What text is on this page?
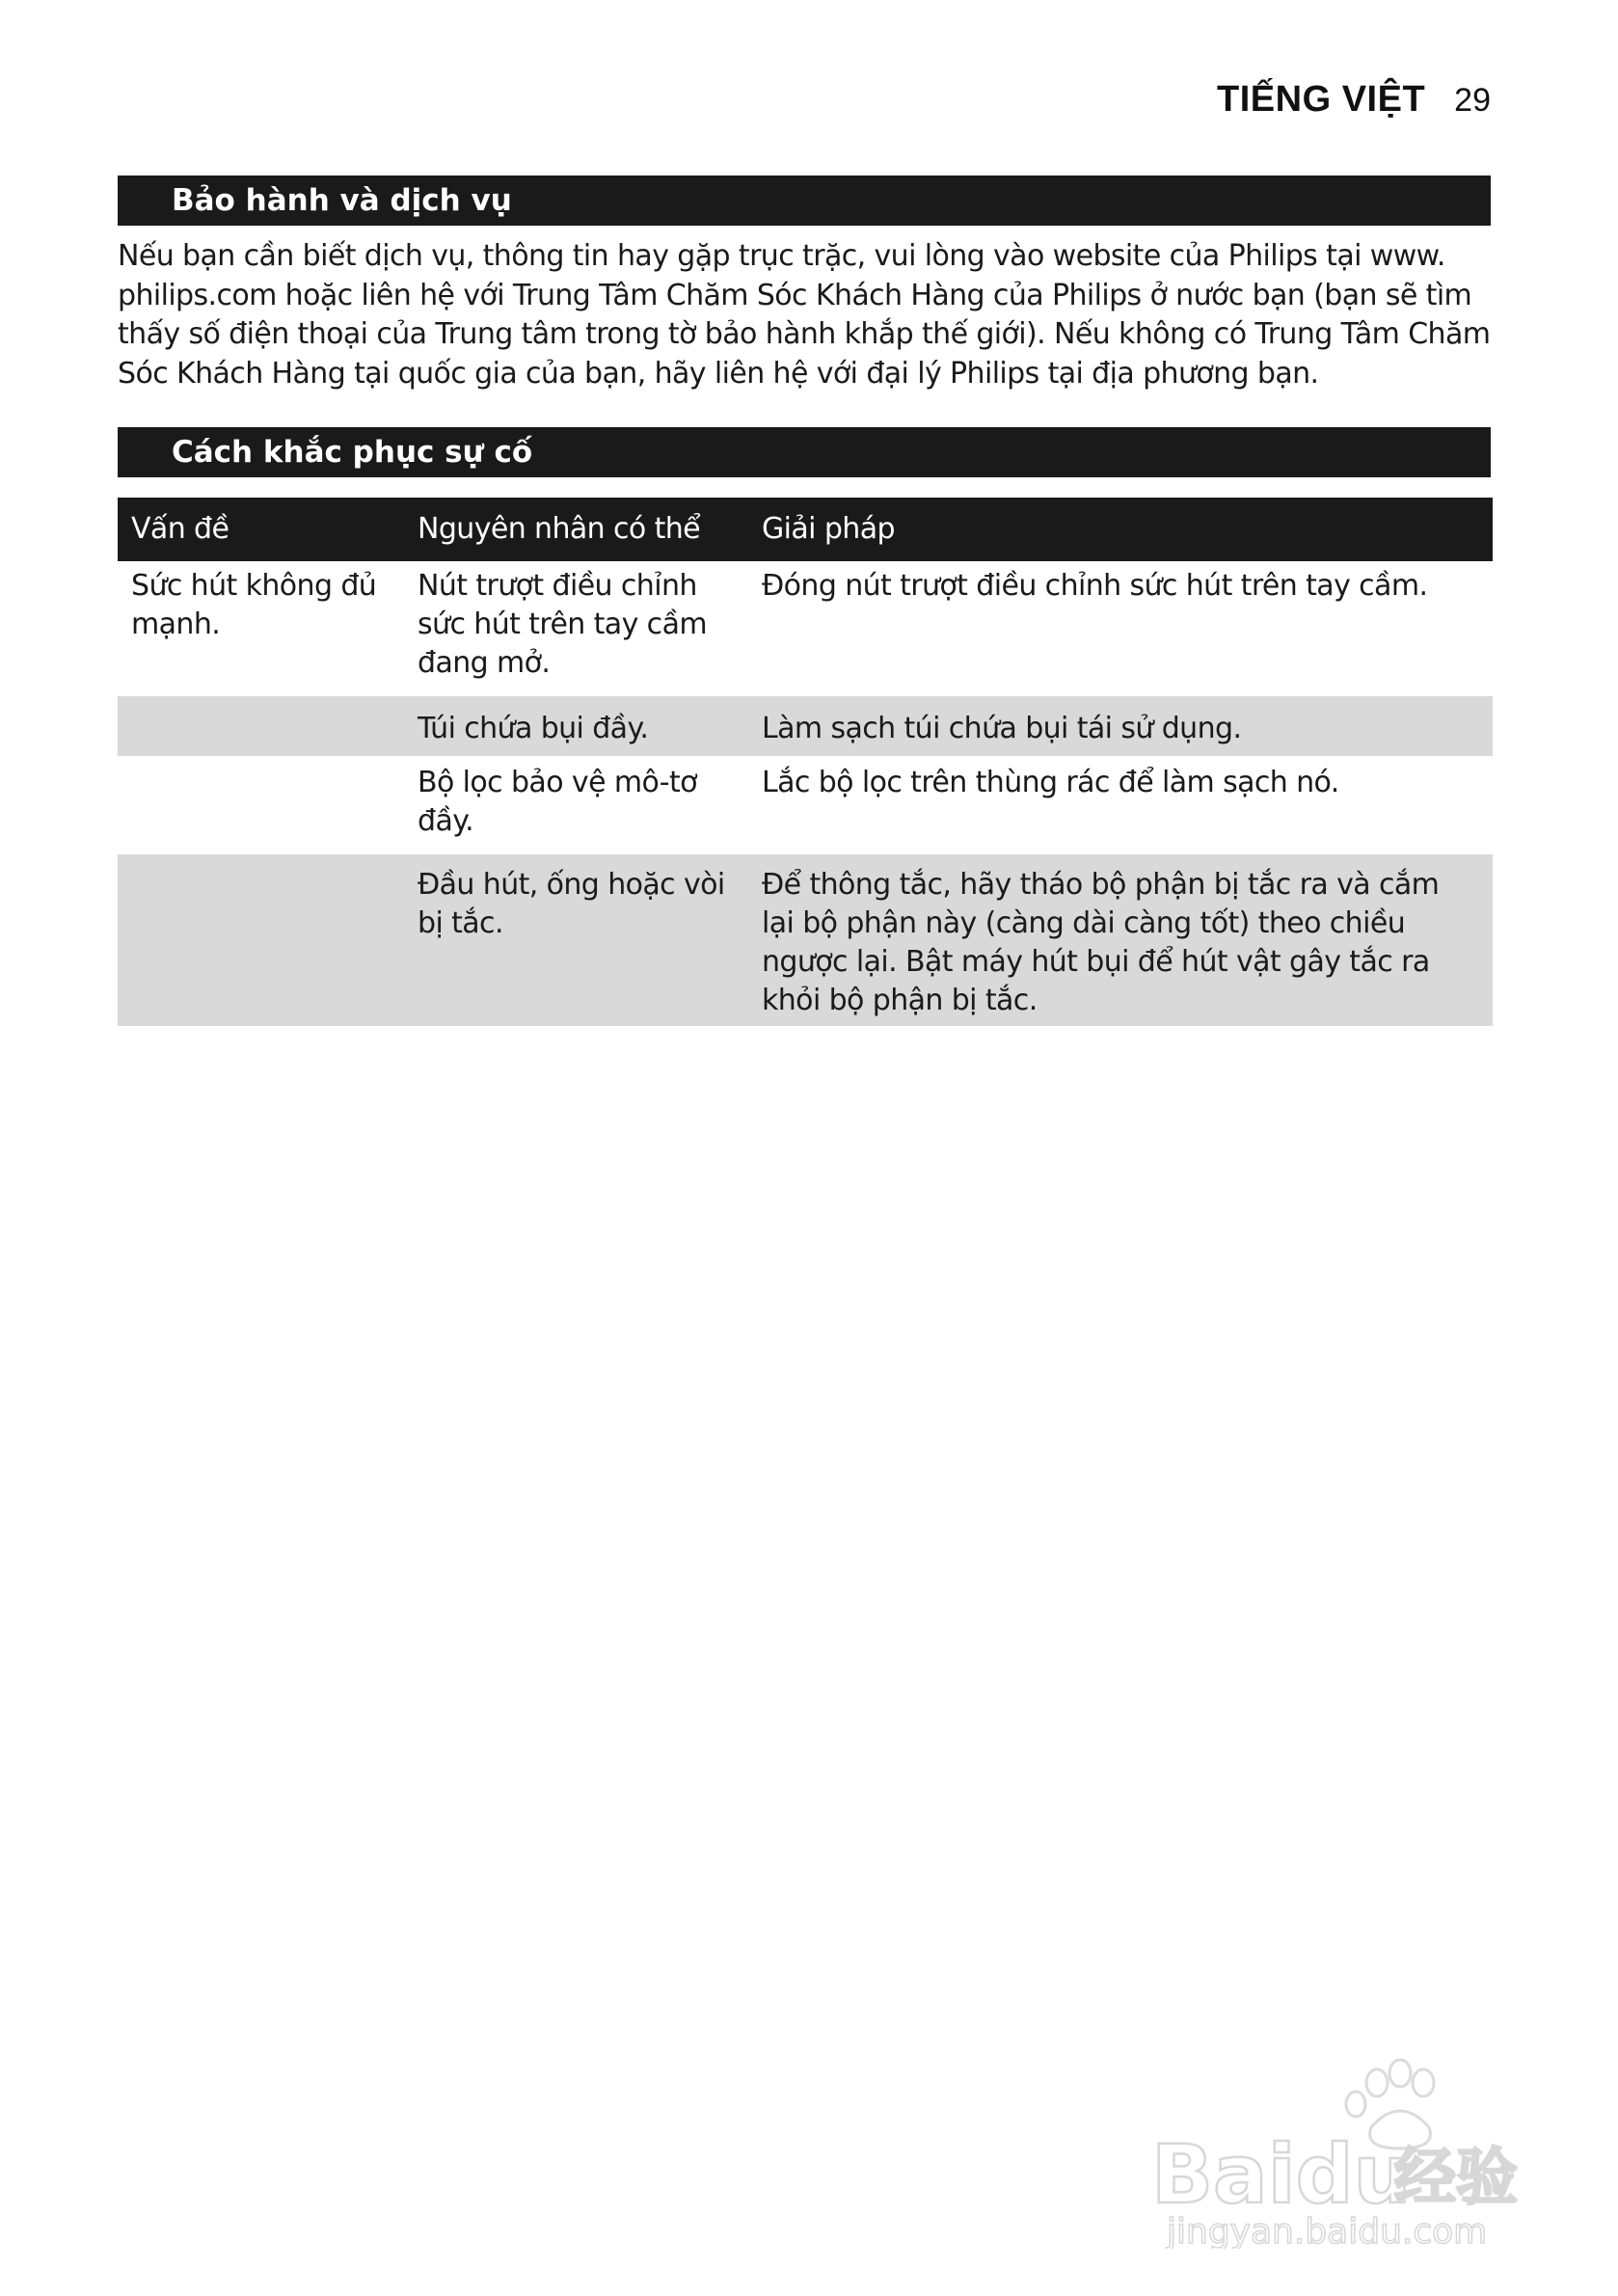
TIẾNG VIỆT 29
Bảo hành và dịch vụ

Nếu bạn cần biết dịch vụ, thông tin hay gặp trục trặc, vui lòng vào website của Philips tại www. philips.com hoặc liên hệ với Trung Tâm Chăm Sóc Khách Hàng của Philips ở nước bạn (bạn sẽ tìm thấy số điện thoại của Trung tâm trong tờ bảo hành khắp thế giới). Nếu không có Trung Tâm Chăm Sóc Khách Hàng tại quốc gia của bạn, hãy liên hệ với đại lý Philips tại địa phương bạn.

Cách khắc phục sự cố
Vấn đề	Nguyên nhân có thể	Giải pháp
Sức hút không đủ mạnh.	Nút trượt điều chỉnh sức hút trên tay cầm đang mở.	Đóng nút trượt điều chỉnh sức hút trên tay cầm.
	Túi chứa bụi đầy.	Làm sạch túi chứa bụi tái sử dụng.
	Bộ lọc bảo vệ mô-tơ đầy.	Lắc bộ lọc trên thùng rác để làm sạch nó.
	Đầu hút, ống hoặc vòi bị tắc.	Để thông tắc, hãy tháo bộ phận bị tắc ra và cắm lại bộ phận này (càng dài càng tốt) theo chiều ngược lại. Bật máy hút bụi để hút vật gây tắc ra khỏi bộ phận bị tắc.
Baidu
经验
jingyan.baidu.com
